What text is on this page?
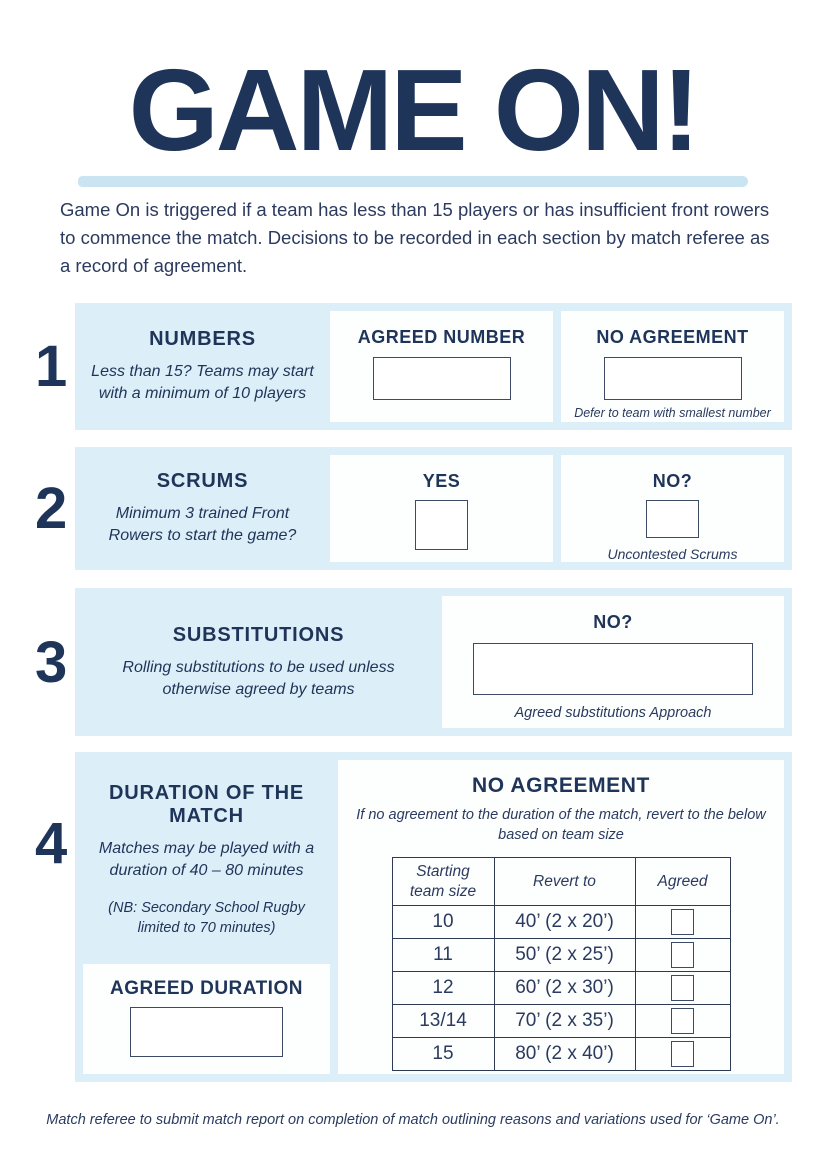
GAME ON!

Game On is triggered if a team has less than 15 players or has insufficient front rowers to commence the match. Decisions to be recorded in each section by match referee as a record of agreement.

1	NUMBERS
Less than 15? Teams may start with a minimum of 10 players
AGREED NUMBER	NO AGREEMENT
Defer to team with smallest number
2	SCRUMS
Minimum 3 trained Front Rowers to start the game?
YES	NO?
Uncontested Scrums
3	SUBSTITUTIONS
Rolling substitutions to be used unless otherwise agreed by teams
NO?
Agreed substitutions Approach
4
DURATION OF THE MATCH
Matches may be played with a duration of 40 – 80 minutes
(NB: Secondary School Rugby limited to 70 minutes)
AGREED DURATION
NO AGREEMENT
If no agreement to the duration of the match, revert to the below based on team size
Starting team size	Revert to	Agreed
10	40’ (2 x 20’)	

11	50’ (2 x 25’)	

12	60’ (2 x 30’)	

13/14	70’ (2 x 35’)	

15	80’ (2 x 40’)	
Match referee to submit match report on completion of match outlining reasons and variations used for ‘Game On’.
